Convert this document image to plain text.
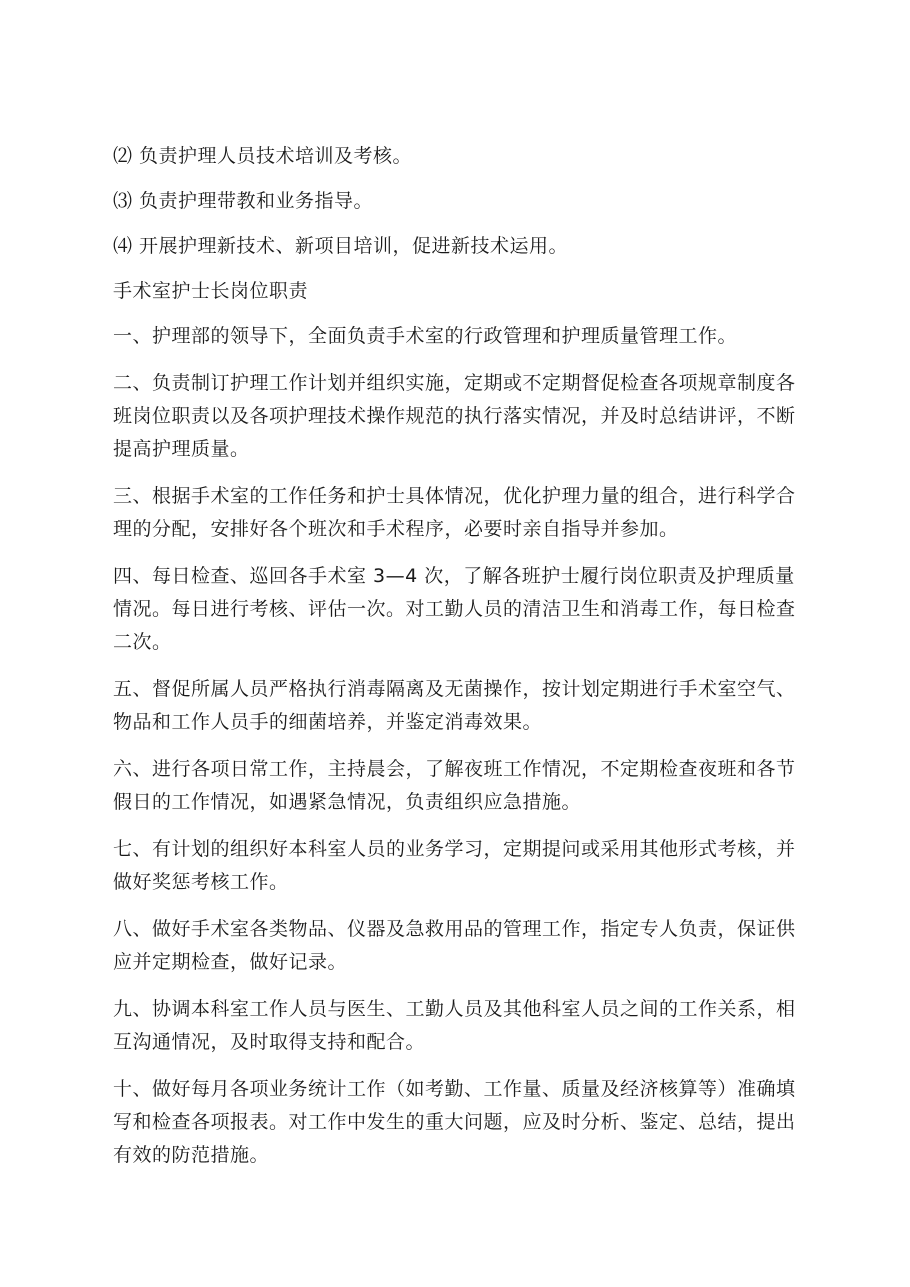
⑵ 负责护理人员技术培训及考核。

⑶ 负责护理带教和业务指导。

⑷ 开展护理新技术、新项目培训，促进新技术运用。

手术室护士长岗位职责

一、护理部的领导下，全面负责手术室的行政管理和护理质量管理工作。

二、负责制订护理工作计划并组织实施，定期或不定期督促检查各项规章制度各班岗位职责以及各项护理技术操作规范的执行落实情况，并及时总结讲评，不断提高护理质量。

三、根据手术室的工作任务和护士具体情况，优化护理力量的组合，进行科学合理的分配，安排好各个班次和手术程序，必要时亲自指导并参加。

四、每日检查、巡回各手术室 3—4 次，了解各班护士履行岗位职责及护理质量情况。每日进行考核、评估一次。对工勤人员的清洁卫生和消毒工作，每日检查二次。

五、督促所属人员严格执行消毒隔离及无菌操作，按计划定期进行手术室空气、物品和工作人员手的细菌培养，并鉴定消毒效果。

六、进行各项日常工作，主持晨会，了解夜班工作情况，不定期检查夜班和各节假日的工作情况，如遇紧急情况，负责组织应急措施。

七、有计划的组织好本科室人员的业务学习，定期提问或采用其他形式考核，并做好奖惩考核工作。

八、做好手术室各类物品、仪器及急救用品的管理工作，指定专人负责，保证供应并定期检查，做好记录。

九、协调本科室工作人员与医生、工勤人员及其他科室人员之间的工作关系，相互沟通情况，及时取得支持和配合。

十、做好每月各项业务统计工作（如考勤、工作量、质量及经济核算等）准确填写和检查各项报表。对工作中发生的重大问题，应及时分析、鉴定、总结，提出有效的防范措施。
